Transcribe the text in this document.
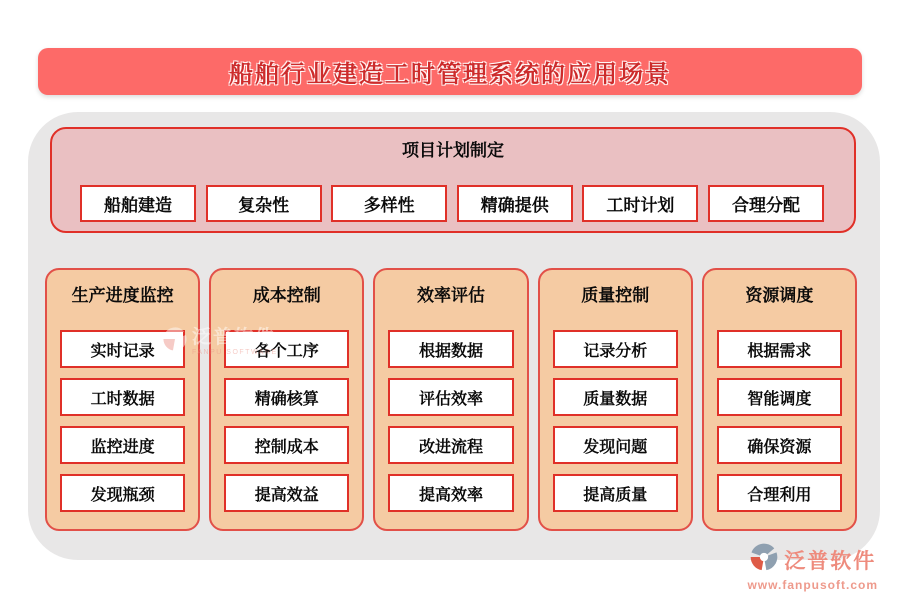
船舶行业建造工时管理系统的应用场景
项目计划制定
船舶建造	复杂性	多样性	精确提供	工时计划	合理分配
生产进度监控
实时记录
工时数据
监控进度
发现瓶颈
成本控制
各个工序
精确核算
控制成本
提高效益
效率评估
根据数据
评估效率
改进流程
提高效率
质量控制
记录分析
质量数据
发现问题
提高质量
资源调度
根据需求
智能调度
确保资源
合理利用
泛普软件
FANPU SOFTWARE
泛普软件
www.fanpusoft.com
